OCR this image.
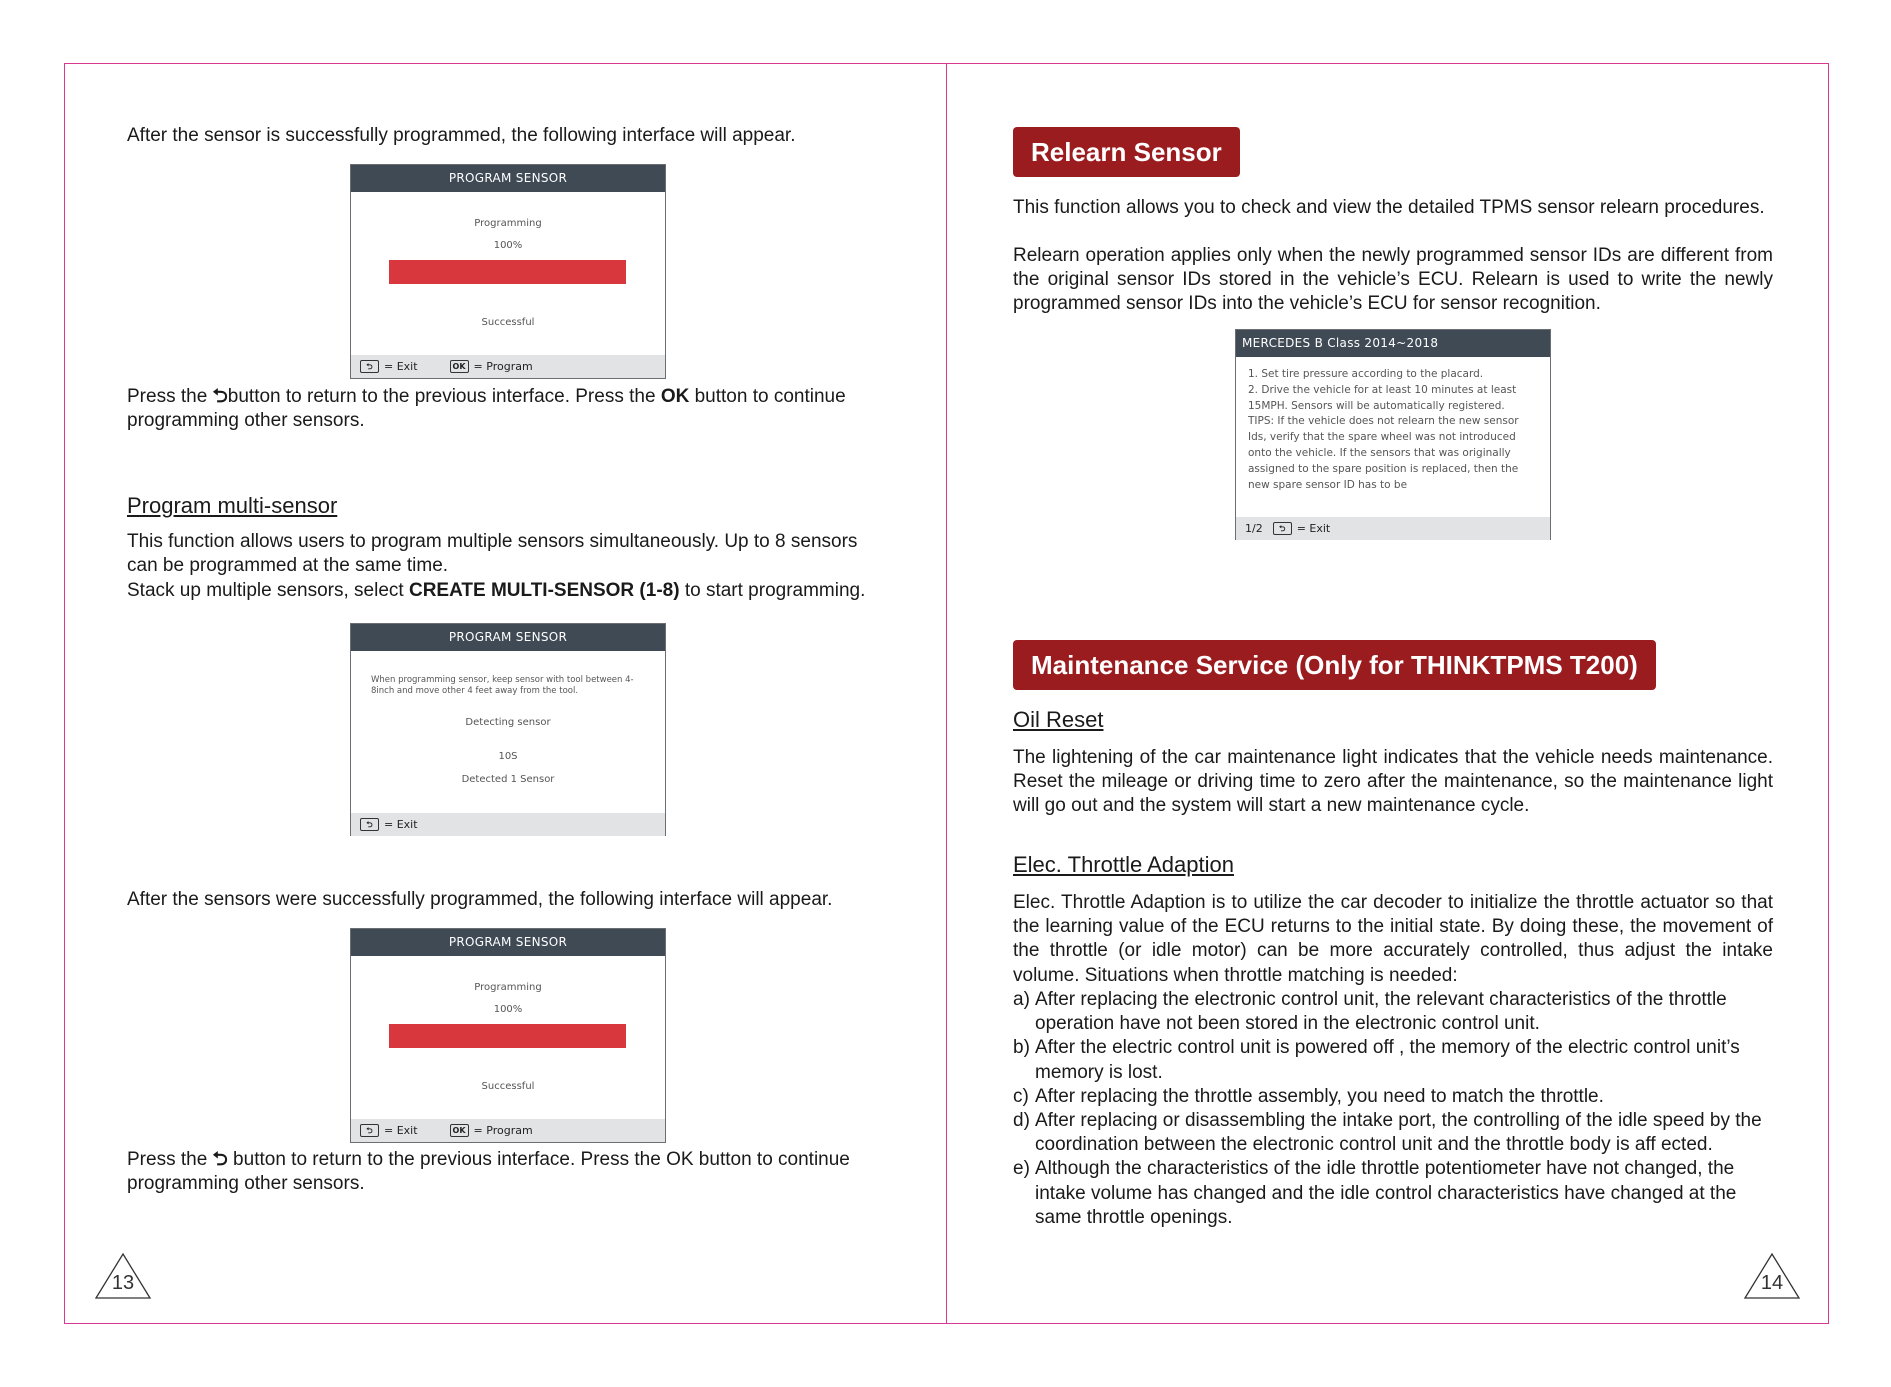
After the sensor is successfully programmed, the following interface will appear.

PROGRAM SENSOR
Programming
100%
Successful
⮌	= Exit	OK = Program

Press the ⮌button to return to the previous interface. Press the OK button to continue programming other sensors.

Program multi-sensor

This function allows users to program multiple sensors simultaneously. Up to 8 sensors can be programmed at the same time.

Stack up multiple sensors, select CREATE MULTI-SENSOR (1-8) to start programming.

PROGRAM SENSOR
When programming sensor, keep sensor with tool between 4-8inch and move other 4 feet away from the tool.
Detecting sensor
10S
Detected 1 Sensor
⮌	= Exit

After the sensors were successfully programmed, the following interface will appear.

PROGRAM SENSOR
Programming
100%
Successful
⮌	= Exit	OK = Program

Press the ⮌ button to return to the previous interface. Press the OK button to continue programming other sensors.

13
Relearn Sensor

This function allows you to check and view the detailed TPMS sensor relearn procedures.

Relearn operation applies only when the newly programmed sensor IDs are different from the original sensor IDs stored in the vehicle’s ECU. Relearn is used to write the newly programmed sensor IDs into the vehicle’s ECU for sensor recognition.

MERCEDES B Class 2014~2018

1. Set tire pressure according to the placard.

2. Drive the vehicle for at least 10 minutes at least 15MPH. Sensors will be automatically registered.

TIPS: If the vehicle does not relearn the new sensor Ids, verify that the spare wheel was not introduced onto the vehicle. If the sensors that was originally assigned to the spare position is replaced, then the new spare sensor ID has to be

1/2	⮌	= Exit
Maintenance Service (Only for THINKTPMS T200)
Oil Reset

The lightening of the car maintenance light indicates that the vehicle needs maintenance. Reset the mileage or driving time to zero after the maintenance, so the maintenance light will go out and the system will start a new maintenance cycle.

Elec. Throttle Adaption

Elec. Throttle Adaption is to utilize the car decoder to initialize the throttle actuator so that the learning value of the ECU returns to the initial state. By doing these, the movement of the throttle (or idle motor) can be more accurately controlled, thus adjust the intake volume. Situations when throttle matching is needed:

a) After replacing the electronic control unit, the relevant characteristics of the throttle operation have not been stored in the electronic control unit.
b) After the electric control unit is powered off , the memory of the electric control unit’s memory is lost.
c) After replacing the throttle assembly, you need to match the throttle.
d) After replacing or disassembling the intake port, the controlling of the idle speed by the coordination between the electronic control unit and the throttle body is aff ected.
e) Although the characteristics of the idle throttle potentiometer have not changed, the intake volume has changed and the idle control characteristics have changed at the same throttle openings.
14
